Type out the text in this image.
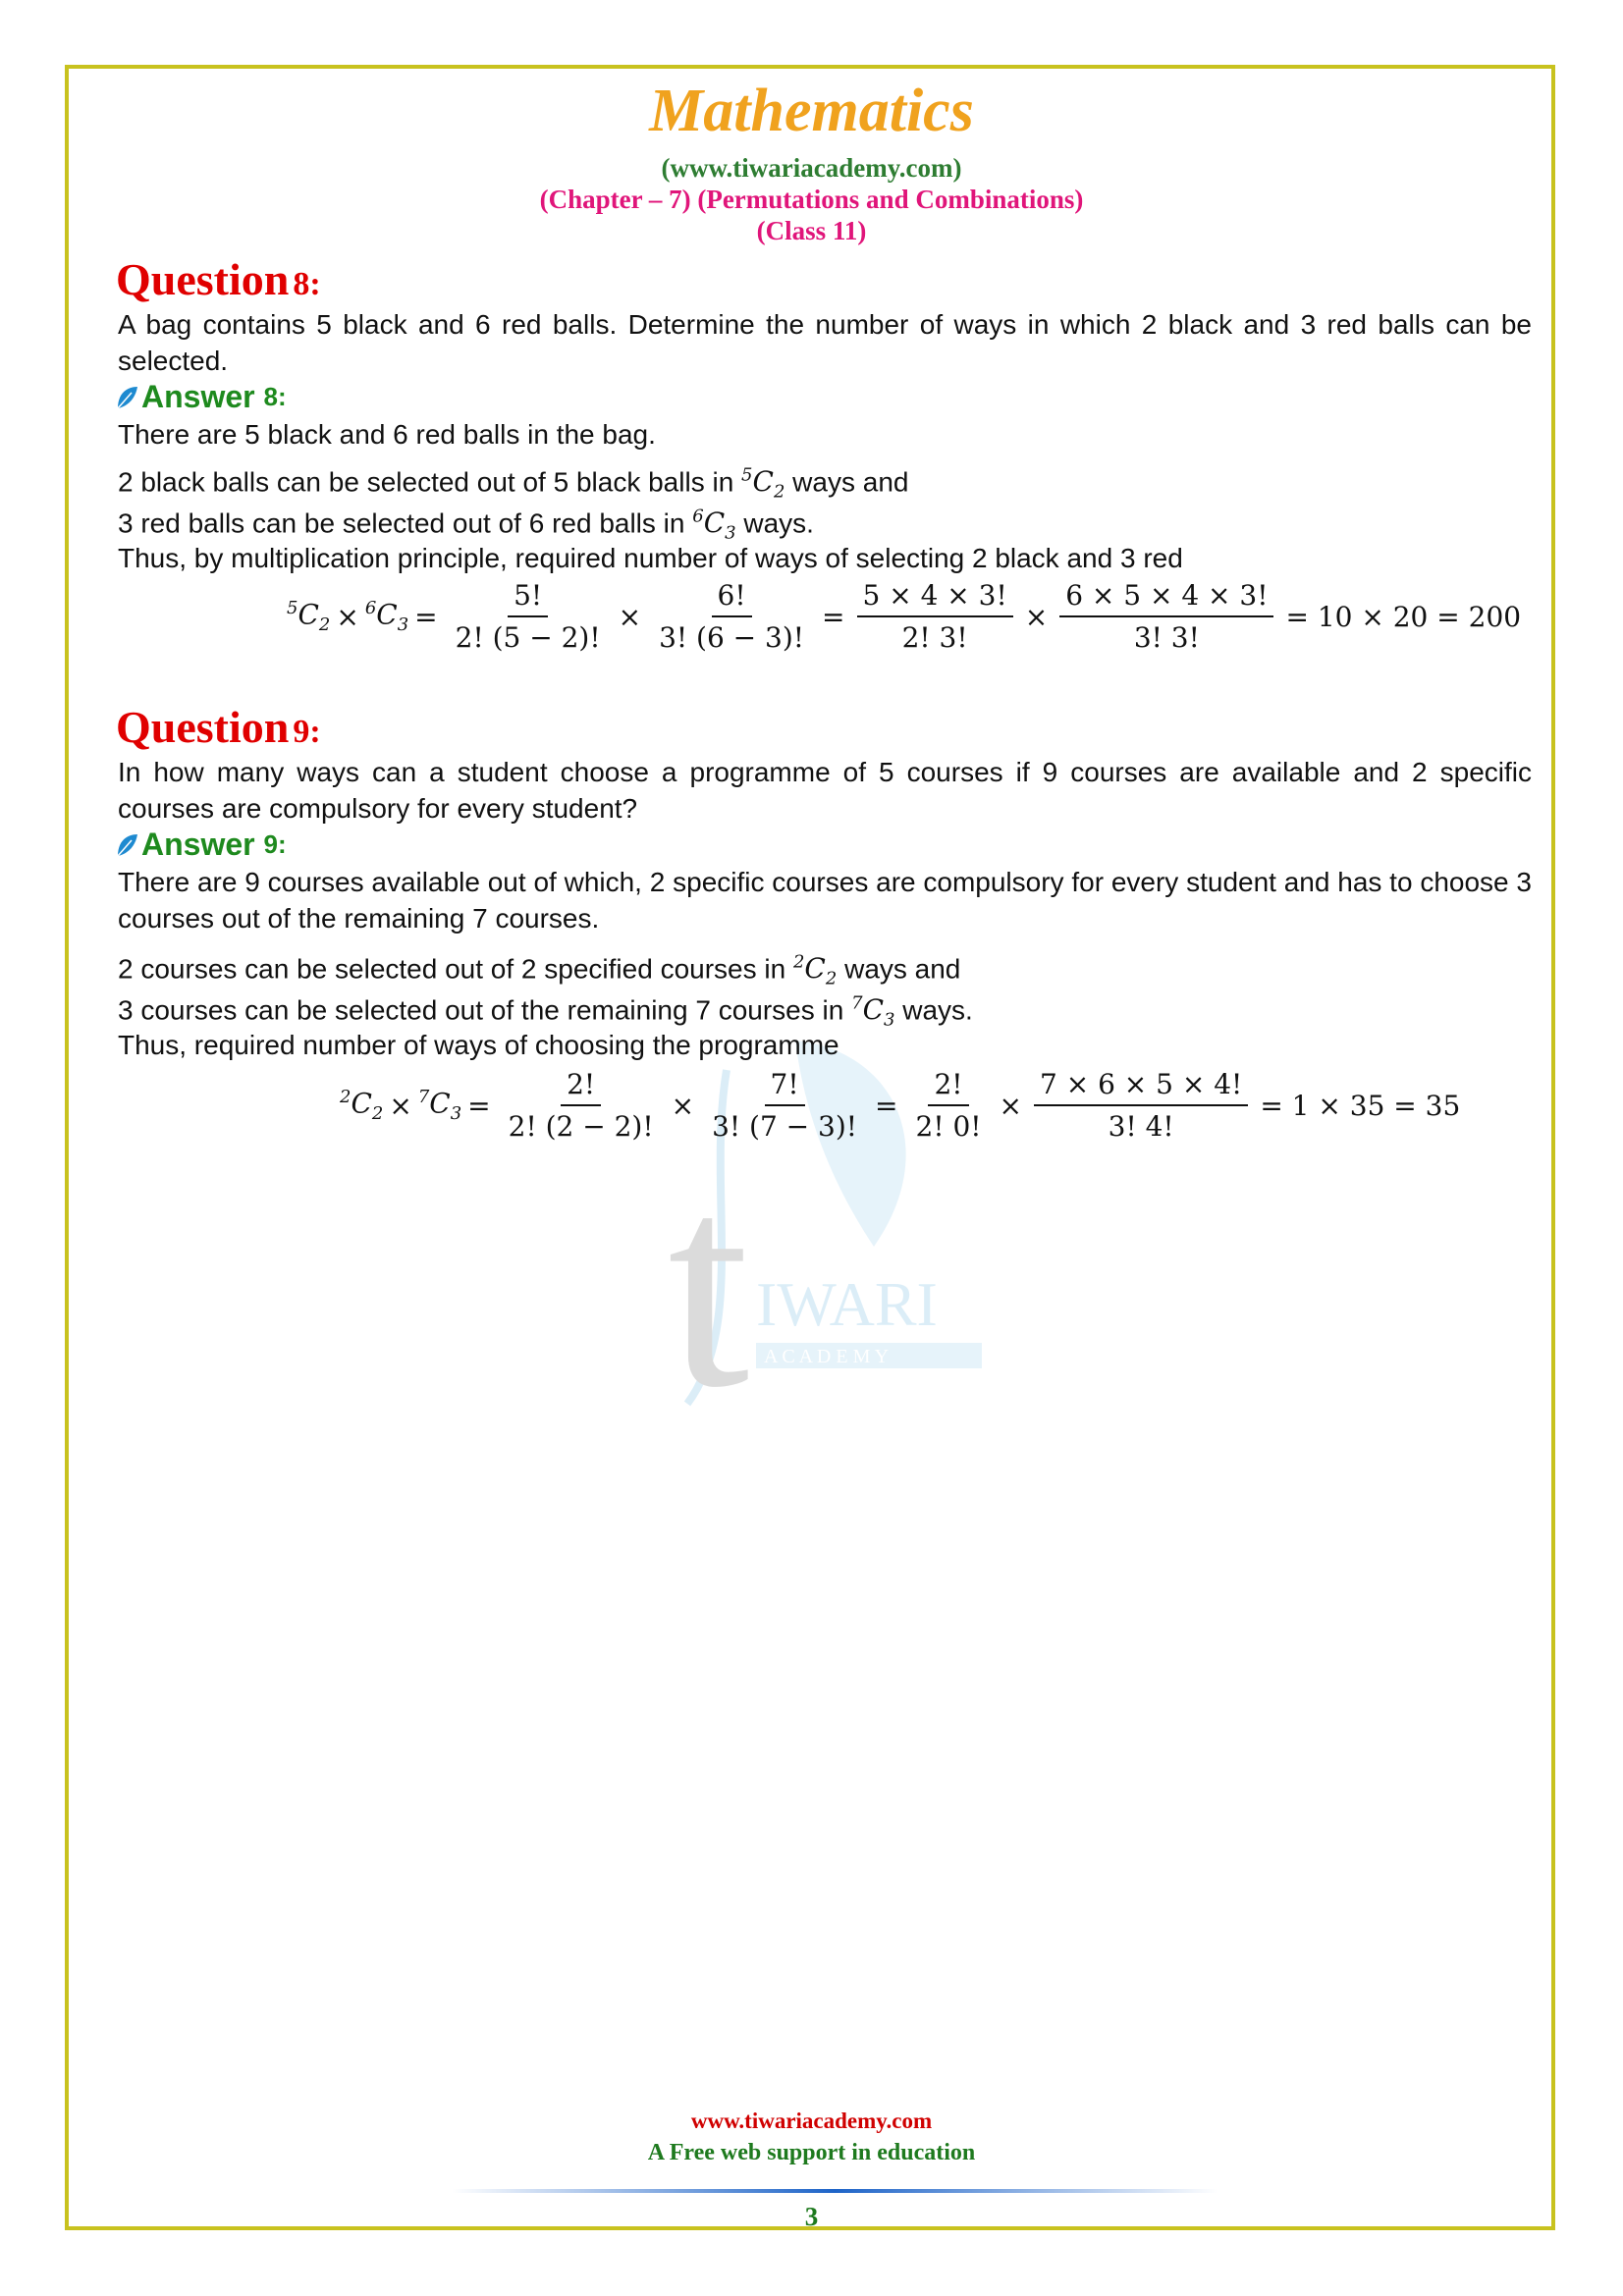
Mathematics
(www.tiwariacademy.com)
(Chapter – 7) (Permutations and Combinations)
(Class 11)
t IWARI
A C A D E M Y
Question 8:
A bag contains 5 black and 6 red balls. Determine the number of ways in which 2 black and 3 red balls can be selected.
Answer
8:
There are 5 black and 6 red balls in the bag.
2 black balls can be selected out of 5 black balls in $^5C_2$ ways and
3 red balls can be selected out of 6 red balls in $^6C_3$ ways.
Thus, by multiplication principle, required number of ways of selecting 2 black and 3 red
$^5C_2 \times ^6C_3 = \frac{5!}{2! (5 - 2)!} \times \frac{6!}{3! (6 - 3)!} = \frac{5 \times 4 \times 3!}{2! 3!} \times \frac{6 \times 5 \times 4 \times 3!}{3! 3!} = 10 \times 20 = 200$
Question 9:
In how many ways can a student choose a programme of 5 courses if 9 courses are available and 2 specific courses are compulsory for every student?
Answer
9:
There are 9 courses available out of which, 2 specific courses are compulsory for every student and has to choose 3 courses out of the remaining 7 courses.
2 courses can be selected out of 2 specified courses in $^2C_2$ ways and
3 courses can be selected out of the remaining 7 courses in $^7C_3$ ways.
Thus, required number of ways of choosing the programme
$^2C_2 \times ^7C_3 = \frac{2!}{2! (2 - 2)!} \times \frac{7!}{3! (7 - 3)!} = \frac{2!}{2! 0!} \times \frac{7 \times 6 \times 5 \times 4!}{3! 4!} = 1 \times 35 = 35$
www.tiwariacademy.com
A Free web support in education
3
